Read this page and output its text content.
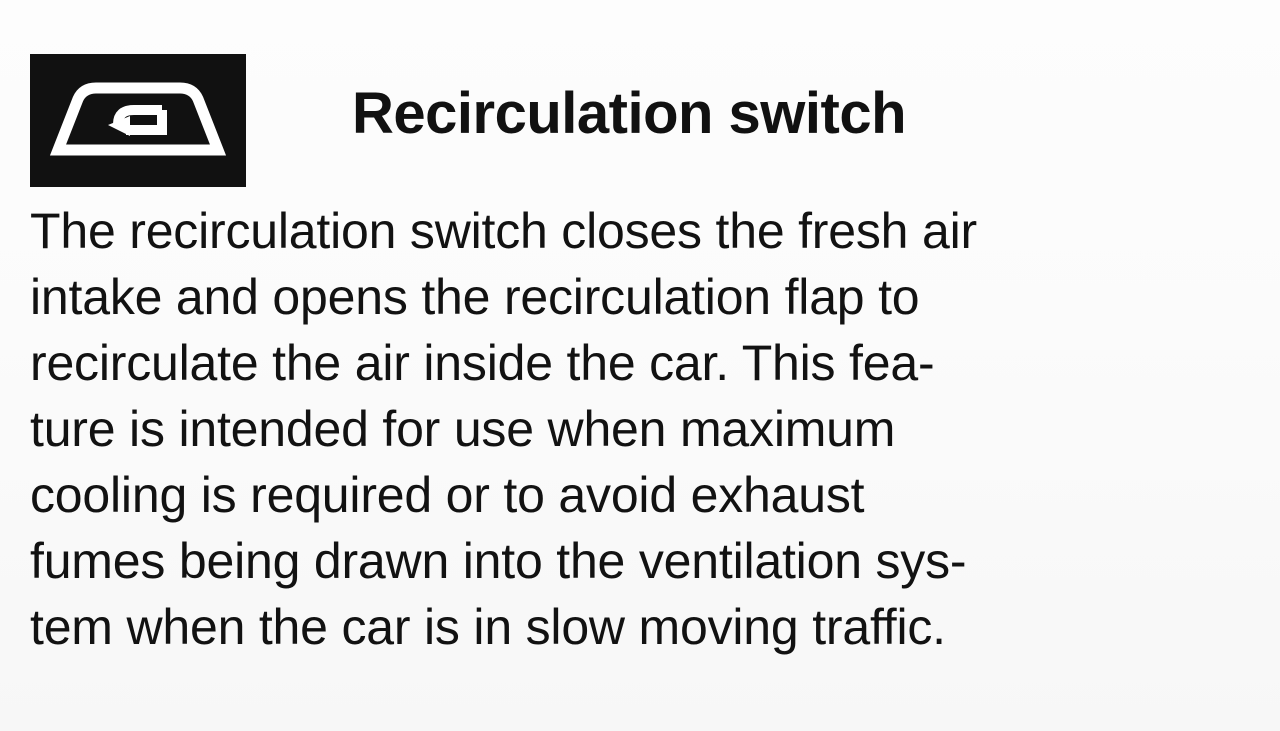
Recirculation switch

The recirculation switch closes the fresh air

intake and opens the recirculation flap to

recirculate the air inside the car. This fea-

ture is intended for use when maximum

cooling is required or to avoid exhaust

fumes being drawn into the ventilation sys-

tem when the car is in slow moving traffic.
